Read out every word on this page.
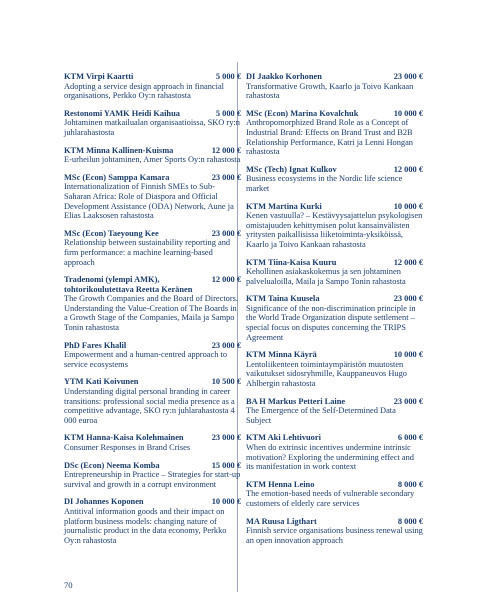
KTM Virpi Kaartti	5 000 €
Adopting a service design approach in financial organisations, Perkko Oy:n rahastosta
Restonomi YAMK Heidi Kaihua	5 000 €
Johtaminen matkailualan organisaatioissa, SKO ry:n juhlarahastosta
KTM Minna Kallinen-Kuisma	12 000 €
E-urheilun johtaminen, Amer Sports Oy:n rahastosta
MSc (Econ) Samppa Kamara	23 000 €
Internationalization of Finnish SMEs to Sub-Saharan Africa: Role of Diaspora and Official Development Assistance (ODA) Network, Aune ja Elias Laaksosen rahastosta
MSc (Econ) Taeyoung Kee	23 000 €
Relationship between sustainability reporting and firm performance: a machine learning-based approach
Tradenomi (ylempi AMK), tohtorikoulutettava Reetta Keränen
12 000 €
The Growth Companies and the Board of Directors. Understanding the Value-Creation of The Boards in a Growth Stage of the Companies, Maila ja Sampo Tonin rahastosta
PhD Fares Khalil	23 000 €
Empowerment and a human-centred approach to service ecosystems
YTM Kati Koivunen	10 500 €
Understanding digital personal branding in career transitions: professional social media presence as a competitive advantage, SKO ry:n juhlarahastosta 4 000 euroa
KTM Hanna-Kaisa Kolehmainen	23 000 €
Consumer Responses in Brand Crises
DSc (Econ) Neema Komba	15 000 €
Entrepreneurship in Practice – Strategies for start-up survival and growth in a corrupt environment
DI Johannes Koponen	10 000 €
Antitival information goods and their impact on platform business models: changing nature of journalistic product in the data economy, Perkko Oy:n rahastosta
DI Jaakko Korhonen	23 000 €
Transformative Growth, Kaarlo ja Toivo Kankaan rahastosta
MSc (Econ) Marina Kovalchuk	10 000 €
Anthropomorphized Brand Role as a Concept of Industrial Brand: Effects on Brand Trust and B2B Relationship Performance, Katri ja Lenni Hongan rahastosta
MSc (Tech) Ignat Kulkov	12 000 €
Business ecosystems in the Nordic life science market
KTM Martina Kurki	10 000 €
Kenen vastuulla? – Kestävyysajattelun psykologisen omistajuuden kehittymisen polut kansainvälisten yritysten paikallisissa liiketoiminta-yksiköissä, Kaarlo ja Toivo Kankaan rahastosta
KTM Tiina-Kaisa Kuuru	12 000 €
Kehollinen asiakaskokemus ja sen johtaminen palvelualoilla, Maila ja Sampo Tonin rahastosta
KTM Taina Kuusela	23 000 €
Significance of the non-discrimination principle in the World Trade Organization dispute settlement – special focus on disputes concerning the TRIPS Agreement
KTM Minna Käyrä	10 000 €
Lentoliikenteen toimintaympäristön muutosten vaikutukset sidosryhmille, Kauppaneuvos Hugo Ahlbergin rahastosta
BA H Markus Petteri Laine	23 000 €
The Emergence of the Self-Determined Data Subject
KTM Aki Lehtivuori	6 000 €
When do extrinsic incentives undermine intrinsic motivation? Exploring the undermining effect and its manifestation in work context
KTM Henna Leino	8 000 €
The emotion-based needs of vulnerable secondary customers of elderly care services
MA Ruusa Ligthart	8 000 €
Finnish service organisations business renewal using an open innovation approach
70
